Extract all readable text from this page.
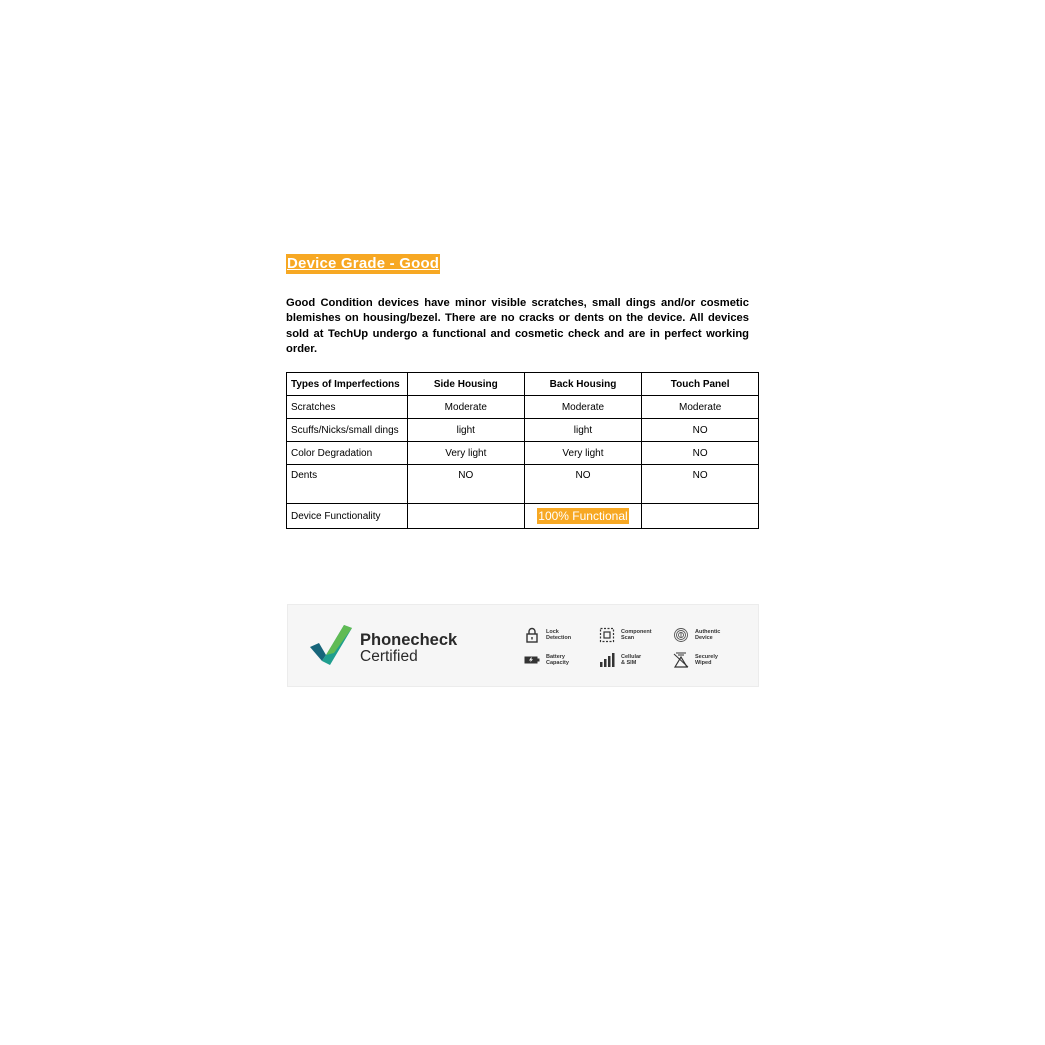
Device Grade - Good

Good Condition devices have minor visible scratches, small dings and/or cosmetic blemishes on housing/bezel. There are no cracks or dents on the device. All devices sold at TechUp undergo a functional and cosmetic check and are in perfect working order.

Types of Imperfections	Side Housing	Back Housing	Touch Panel
Scratches	Moderate	Moderate	Moderate
Scuffs/Nicks/small dings	light	light	NO
Color Degradation	Very light	Very light	NO
Dents	NO	NO	NO
Device Functionality		100% Functional	
Phonecheck
Certified
Lock
Detection
Component
Scan
Authentic
Device
Battery
Capacity
Cellular
& SIM
Securely
Wiped
